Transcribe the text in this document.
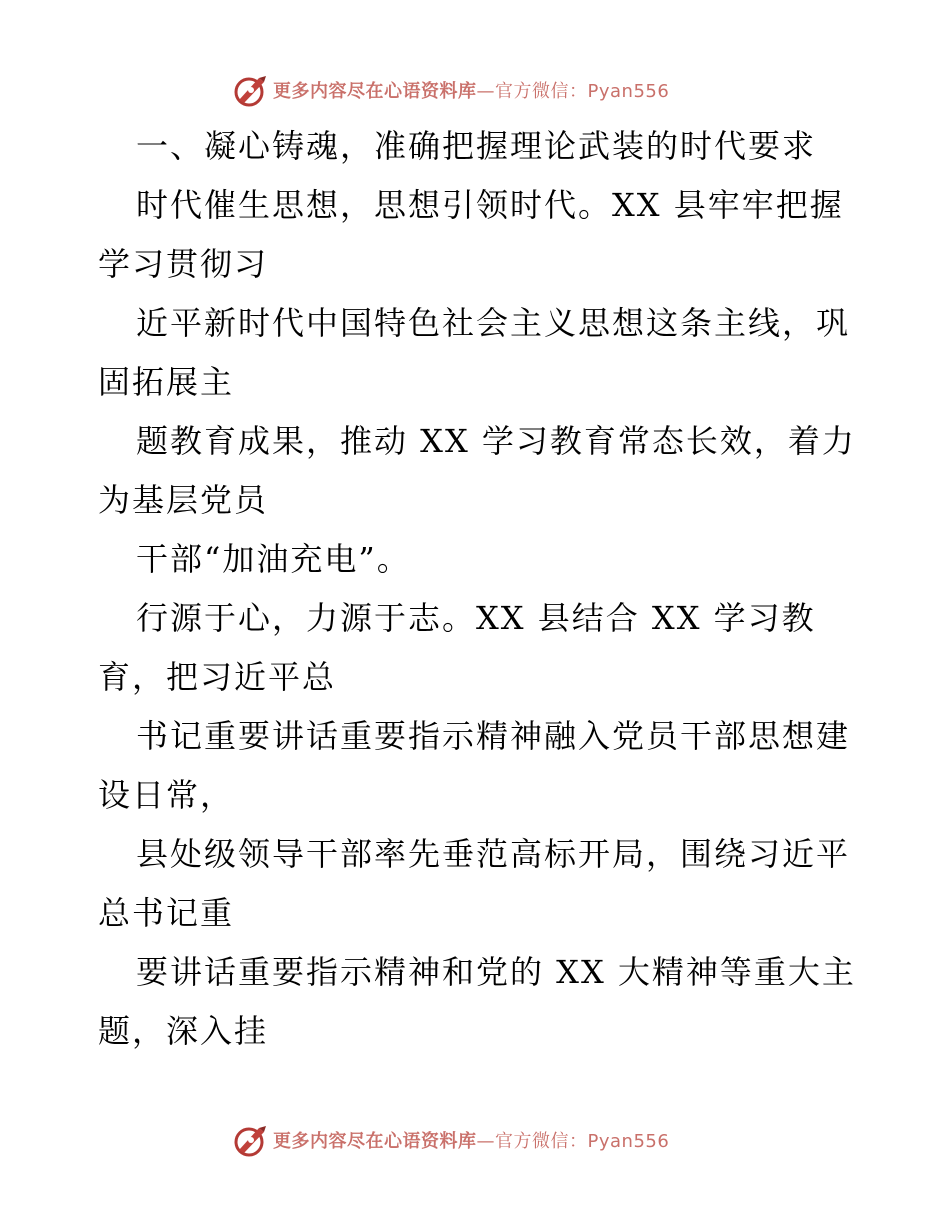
更多内容尽在心语资料库—官方微信：Pyan556
一、凝心铸魂，准确把握理论武装的时代要求
时代催生思想，思想引领时代。XX 县牢牢把握
学习贯彻习
近平新时代中国特色社会主义思想这条主线，巩
固拓展主
题教育成果，推动 XX 学习教育常态长效，着力
为基层党员
干部“加油充电”。
行源于心，力源于志。XX 县结合 XX 学习教
育，把习近平总
书记重要讲话重要指示精神融入党员干部思想建
设日常，
县处级领导干部率先垂范高标开局，围绕习近平
总书记重
要讲话重要指示精神和党的 XX 大精神等重大主
题，深入挂
更多内容尽在心语资料库—官方微信：Pyan556
